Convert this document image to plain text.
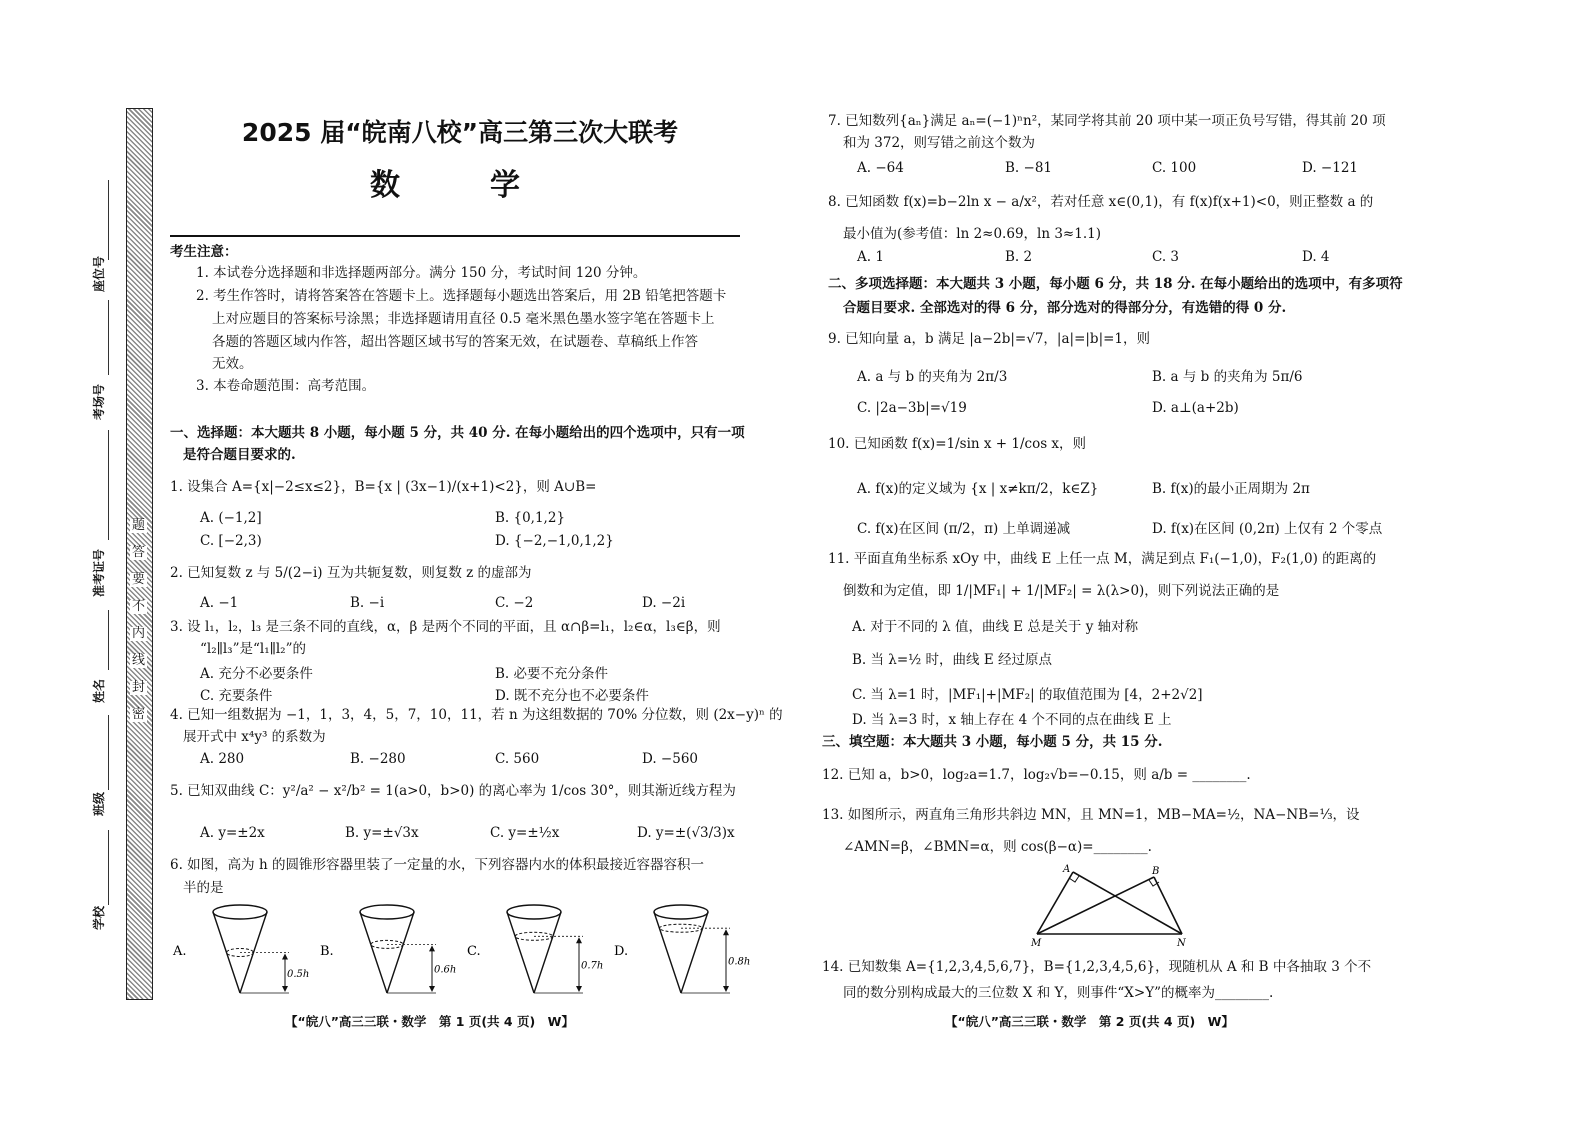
密
封
线
内
不
要
答
题
座位号
考场号
准考证号
姓名
班级
学校
2025 届“皖南八校”高三第三次大联考
数　学
考生注意：
1. 本试卷分选择题和非选择题两部分。满分 150 分，考试时间 120 分钟。
2. 考生作答时，请将答案答在答题卡上。选择题每小题选出答案后，用 2B 铅笔把答题卡
上对应题目的答案标号涂黑；非选择题请用直径 0.5 毫米黑色墨水签字笔在答题卡上
各题的答题区域内作答，超出答题区域书写的答案无效，在试题卷、草稿纸上作答
无效。
3. 本卷命题范围：高考范围。
一、选择题：本大题共 8 小题，每小题 5 分，共 40 分. 在每小题给出的四个选项中，只有一项
是符合题目要求的.
1. 设集合 A={x|−2≤x≤2}，B={x | (3x−1)/(x+1)<2}，则 A∪B=
A. (−1,2]	B. {0,1,2}
C. [−2,3)	D. {−2,−1,0,1,2}
2. 已知复数 z 与 5/(2−i) 互为共轭复数，则复数 z 的虚部为
A. −1	B. −i	C. −2	D. −2i
3. 设 l₁，l₂，l₃ 是三条不同的直线，α，β 是两个不同的平面，且 α∩β=l₁，l₂∈α，l₃∈β，则
“l₂∥l₃”是“l₁∥l₂”的
A. 充分不必要条件	B. 必要不充分条件
C. 充要条件	D. 既不充分也不必要条件
4. 已知一组数据为 −1，1，3，4，5，7，10，11，若 n 为这组数据的 70% 分位数，则 (2x−y)ⁿ 的
展开式中 x⁴y³ 的系数为
A. 280	B. −280	C. 560	D. −560
5. 已知双曲线 C：y²/a² − x²/b² = 1(a>0，b>0) 的离心率为 1/cos 30°，则其渐近线方程为
A. y=±2x	B. y=±√3x	C. y=±½x	D. y=±(√3/3)x
6. 如图，高为 h 的圆锥形容器里装了一定量的水，下列容器内水的体积最接近容器容积一
半的是
0.5h
A.
0.6h
B.
0.7h
C.
0.8h
D.
【“皖八”高三三联・数学　第 1 页(共 4 页)　W】
7. 已知数列{aₙ}满足 aₙ=(−1)ⁿn²，某同学将其前 20 项中某一项正负号写错，得其前 20 项
和为 372，则写错之前这个数为
A. −64	B. −81	C. 100	D. −121
8. 已知函数 f(x)=b−2ln x − a/x²，若对任意 x∈(0,1)，有 f(x)f(x+1)<0，则正整数 a 的
最小值为(参考值：ln 2≈0.69，ln 3≈1.1)
A. 1	B. 2	C. 3	D. 4
二、多项选择题：本大题共 3 小题，每小题 6 分，共 18 分. 在每小题给出的选项中，有多项符
合题目要求. 全部选对的得 6 分，部分选对的得部分分，有选错的得 0 分.
9. 已知向量 a，b 满足 |a−2b|=√7，|a|=|b|=1，则
A. a 与 b 的夹角为 2π/3	B. a 与 b 的夹角为 5π/6
C. |2a−3b|=√19	D. a⊥(a+2b)
10. 已知函数 f(x)=1/sin x + 1/cos x，则
A. f(x)的定义域为 {x | x≠kπ/2，k∈Z}	B. f(x)的最小正周期为 2π
C. f(x)在区间 (π/2，π) 上单调递减	D. f(x)在区间 (0,2π) 上仅有 2 个零点
11. 平面直角坐标系 xOy 中，曲线 E 上任一点 M，满足到点 F₁(−1,0)，F₂(1,0) 的距离的
倒数和为定值，即 1/|MF₁| + 1/|MF₂| = λ(λ>0)，则下列说法正确的是
A. 对于不同的 λ 值，曲线 E 总是关于 y 轴对称
B. 当 λ=½ 时，曲线 E 经过原点
C. 当 λ=1 时，|MF₁|+|MF₂| 的取值范围为 [4，2+2√2]
D. 当 λ=3 时，x 轴上存在 4 个不同的点在曲线 E 上
三、填空题：本大题共 3 小题，每小题 5 分，共 15 分.
12. 已知 a，b>0，log₂a=1.7，log₂√b=−0.15，则 a/b = ________.
13. 如图所示，两直角三角形共斜边 MN，且 MN=1，MB−MA=½，NA−NB=⅓，设
∠AMN=β，∠BMN=α，则 cos(β−α)=________.
A	B
M	N
14. 已知数集 A={1,2,3,4,5,6,7}，B={1,2,3,4,5,6}，现随机从 A 和 B 中各抽取 3 个不
同的数分别构成最大的三位数 X 和 Y，则事件“X>Y”的概率为________.
【“皖八”高三三联・数学　第 2 页(共 4 页)　W】
